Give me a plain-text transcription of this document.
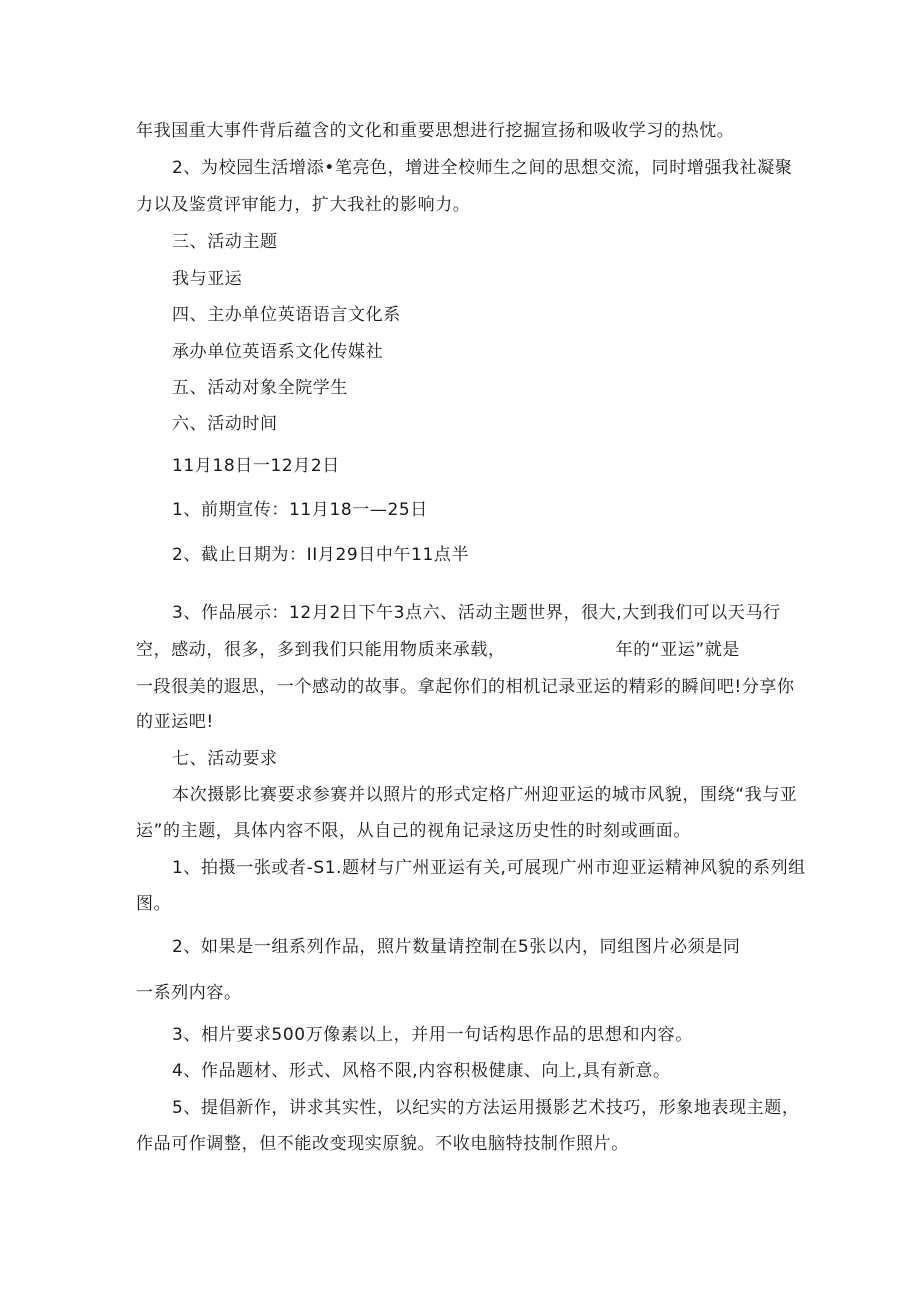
年我国重大事件背后蕴含的文化和重要思想进行挖掘宣扬和吸收学习的热忱。
2、为校园生活增添•笔亮色，增进全校师生之间的思想交流，同时增强我社凝聚
力以及鉴赏评审能力，扩大我社的影响力。
三、活动主题
我与亚运
四、主办单位英语语言文化系
承办单位英语系文化传媒社
五、活动对象全院学生
六、活动时间
11月18日一12月2日
1、前期宣传：11月18一—25日
2、截止日期为：II月29日中午11点半
3、作品展示：12月2日下午3点六、活动主题世界，很大,大到我们可以天马行
空，感动，很多，多到我们只能用物质来承载，	年的“亚运”就是
一段很美的遐思，一个感动的故事。拿起你们的相机记录亚运的精彩的瞬间吧!分享你
的亚运吧!
七、活动要求
本次摄影比赛要求参赛并以照片的形式定格广州迎亚运的城市风貌，围绕“我与亚
运”的主题，具体内容不限，从自己的视角记录这历史性的时刻或画面。
1、拍摄一张或者-S1.题材与广州亚运有关,可展现广州市迎亚运精神风貌的系列组
图。
2、如果是一组系列作品，照片数量请控制在5张以内，同组图片必须是同
一系列内容。
3、相片要求500万像素以上，并用一句话构思作品的思想和内容。
4、作品题材、形式、风格不限,内容积极健康、向上,具有新意。
5、提倡新作，讲求其实性，以纪实的方法运用摄影艺术技巧，形象地表现主题，
作品可作调整，但不能改变现实原貌。不收电脑特技制作照片。
